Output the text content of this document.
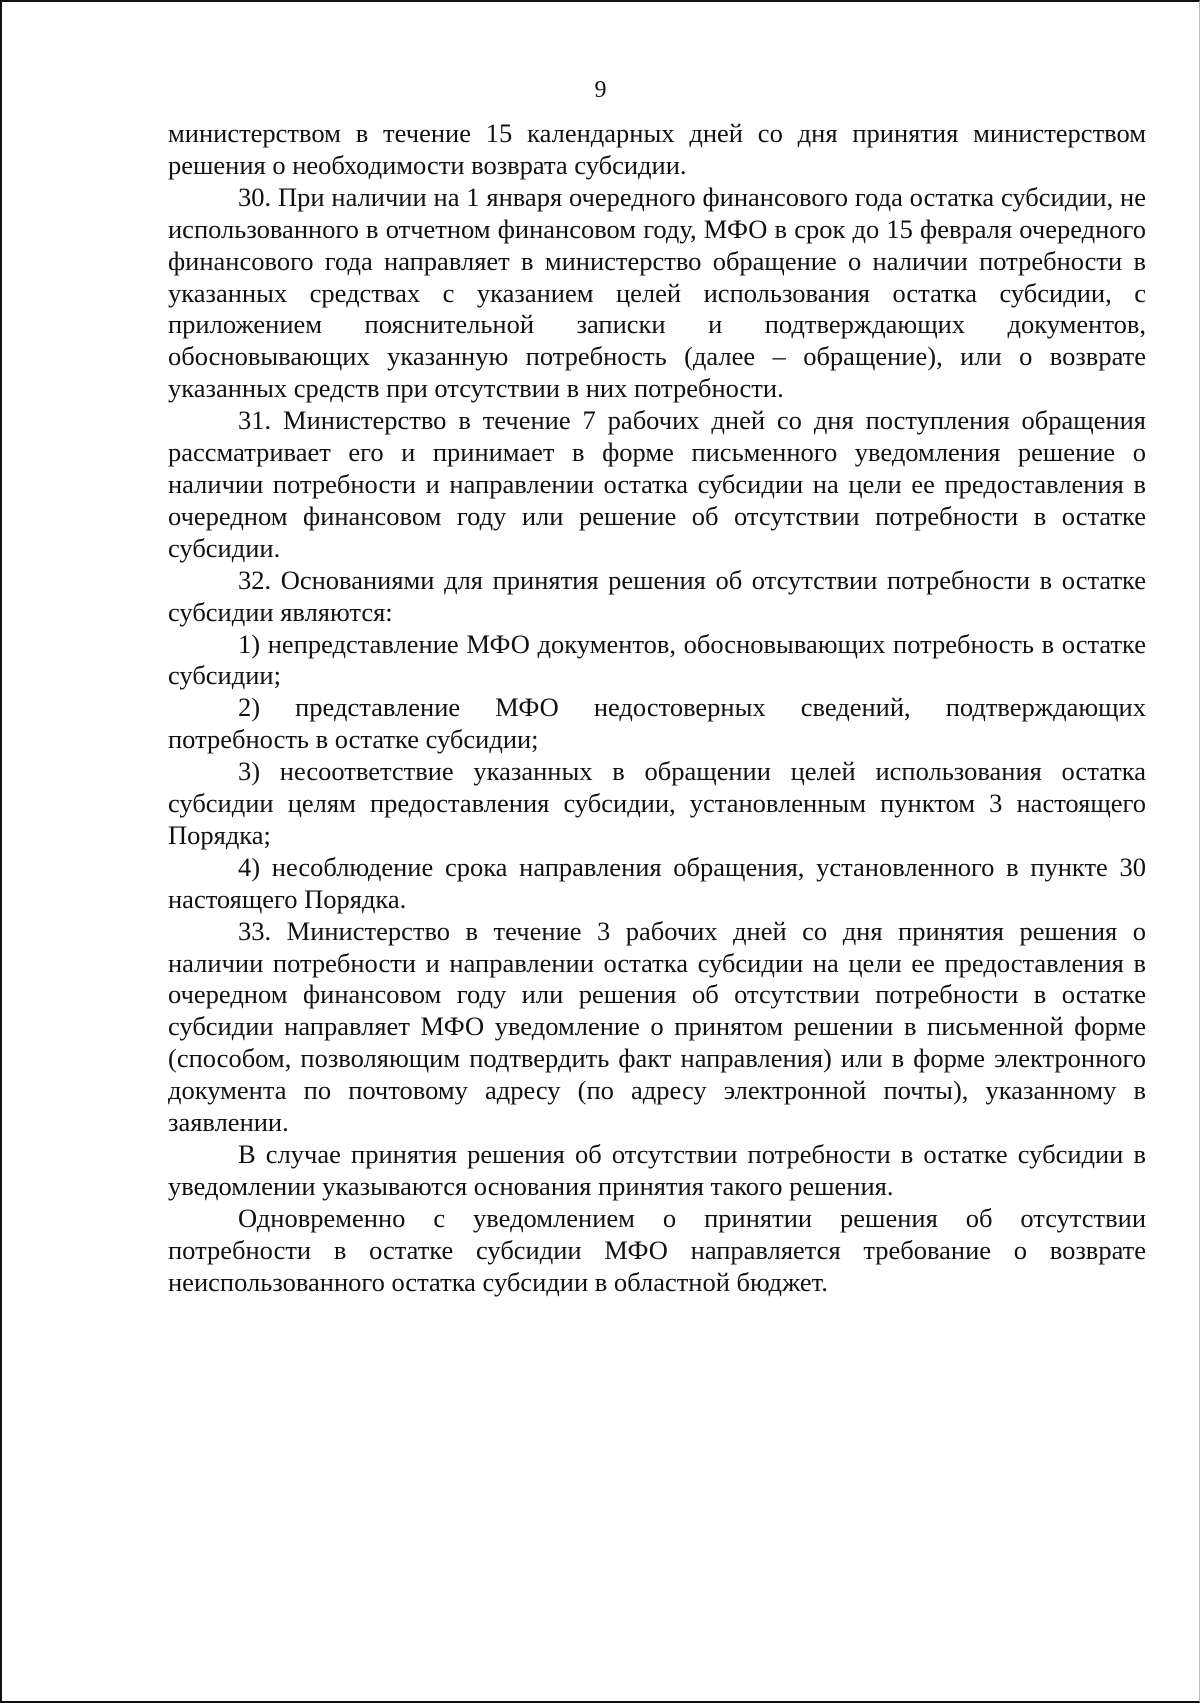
9

министерством в течение 15 календарных дней со дня принятия министерством решения о необходимости возврата субсидии.

30. При наличии на 1 января очередного финансового года остатка субсидии, не использованного в отчетном финансовом году, МФО в срок до 15 февраля очередного финансового года направляет в министерство обращение о наличии потребности в указанных средствах с указанием целей использования остатка субсидии, с приложением пояснительной записки и подтверждающих документов, обосновывающих указанную потребность (далее – обращение), или о возврате указанных средств при отсутствии в них потребности.

31. Министерство в течение 7 рабочих дней со дня поступления обращения рассматривает его и принимает в форме письменного уведомления решение о наличии потребности и направлении остатка субсидии на цели ее предоставления в очередном финансовом году или решение об отсутствии потребности в остатке субсидии.

32. Основаниями для принятия решения об отсутствии потребности в остатке субсидии являются:

1) непредставление МФО документов, обосновывающих потребность в остатке субсидии;

2) представление МФО недостоверных сведений, подтверждающих потребность в остатке субсидии;

3) несоответствие указанных в обращении целей использования остатка субсидии целям предоставления субсидии, установленным пунктом 3 настоящего Порядка;

4) несоблюдение срока направления обращения, установленного в пункте 30 настоящего Порядка.

33. Министерство в течение 3 рабочих дней со дня принятия решения о наличии потребности и направлении остатка субсидии на цели ее предоставления в очередном финансовом году или решения об отсутствии потребности в остатке субсидии направляет МФО уведомление о принятом решении в письменной форме (способом, позволяющим подтвердить факт направления) или в форме электронного документа по почтовому адресу (по адресу электронной почты), указанному в заявлении.

В случае принятия решения об отсутствии потребности в остатке субсидии в уведомлении указываются основания принятия такого решения.

Одновременно с уведомлением о принятии решения об отсутствии потребности в остатке субсидии МФО направляется требование о возврате неиспользованного остатка субсидии в областной бюджет.
